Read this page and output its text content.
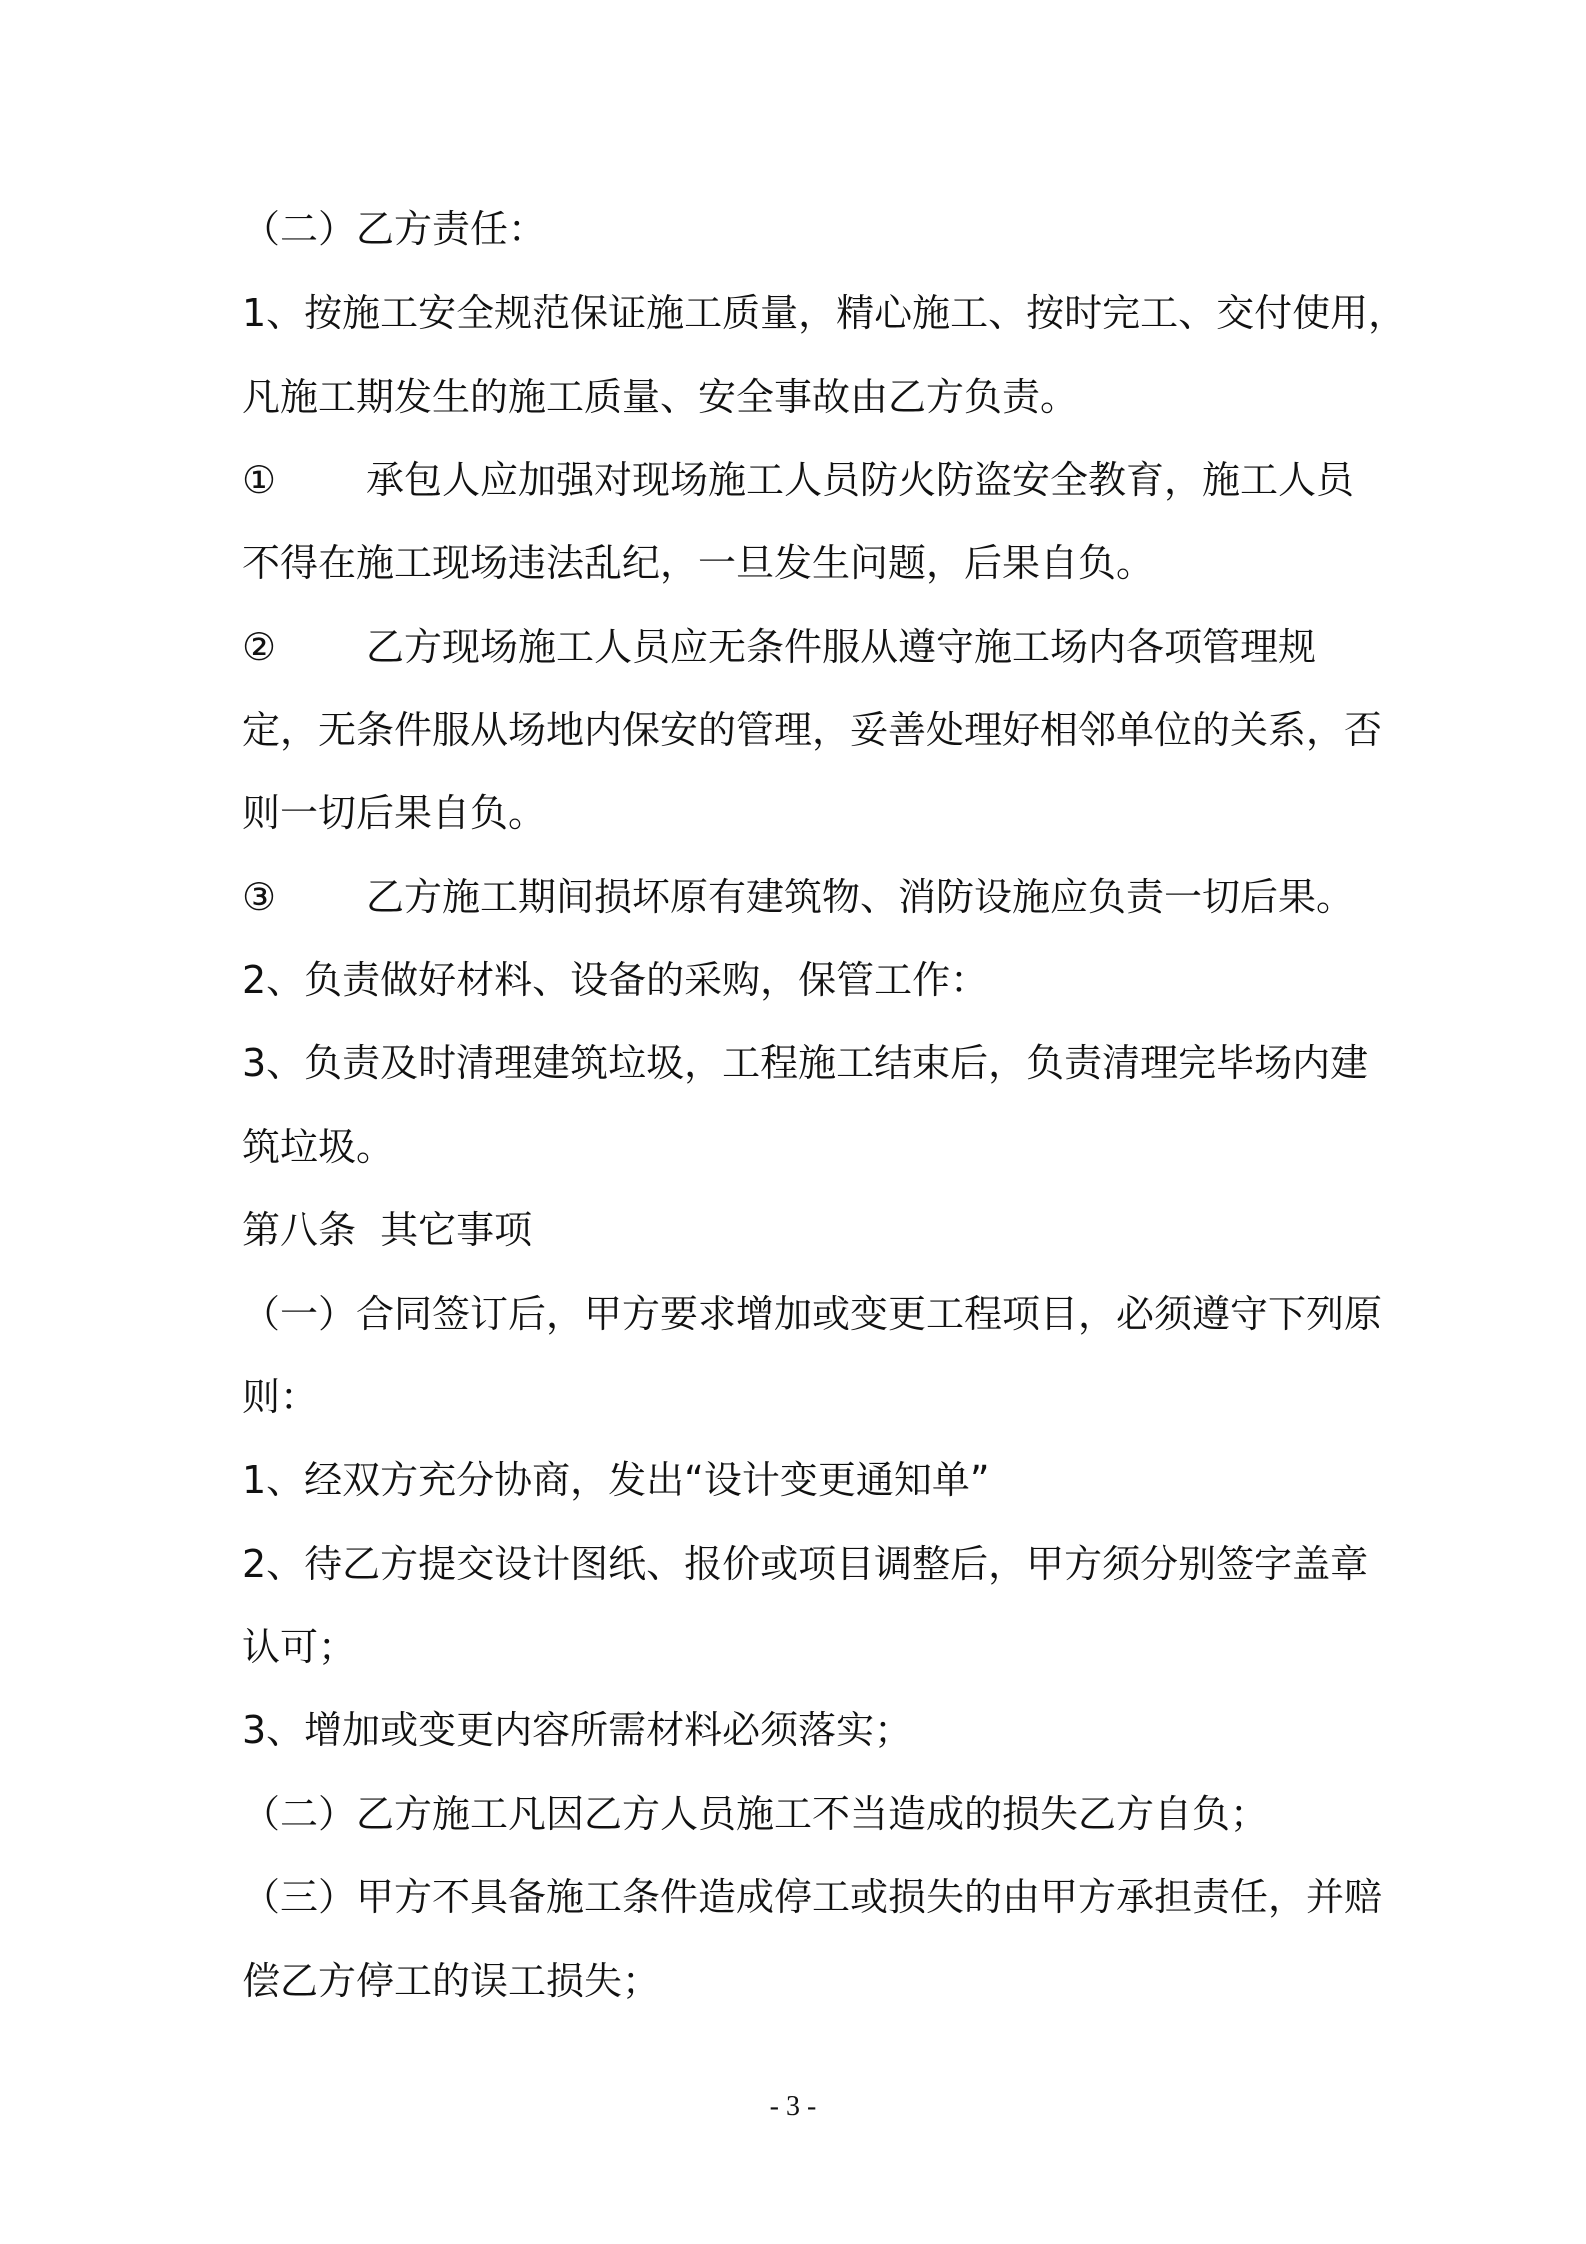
（二）乙方责任：
1、按施工安全规范保证施工质量，精心施工、按时完工、交付使用，
凡施工期发生的施工质量、安全事故由乙方负责。
① 承包人应加强对现场施工人员防火防盗安全教育，施工人员
不得在施工现场违法乱纪，一旦发生问题，后果自负。
② 乙方现场施工人员应无条件服从遵守施工场内各项管理规
定，无条件服从场地内保安的管理，妥善处理好相邻单位的关系，否
则一切后果自负。
③ 乙方施工期间损坏原有建筑物、消防设施应负责一切后果。
2、负责做好材料、设备的采购，保管工作：
3、负责及时清理建筑垃圾，工程施工结束后，负责清理完毕场内建
筑垃圾。
第八条  其它事项
（一）合同签订后，甲方要求增加或变更工程项目，必须遵守下列原
则：
1、经双方充分协商，发出“设计变更通知单”
2、待乙方提交设计图纸、报价或项目调整后，甲方须分别签字盖章
认可；
3、增加或变更内容所需材料必须落实；
（二）乙方施工凡因乙方人员施工不当造成的损失乙方自负；
（三）甲方不具备施工条件造成停工或损失的由甲方承担责任，并赔
偿乙方停工的误工损失；
- 3 -
